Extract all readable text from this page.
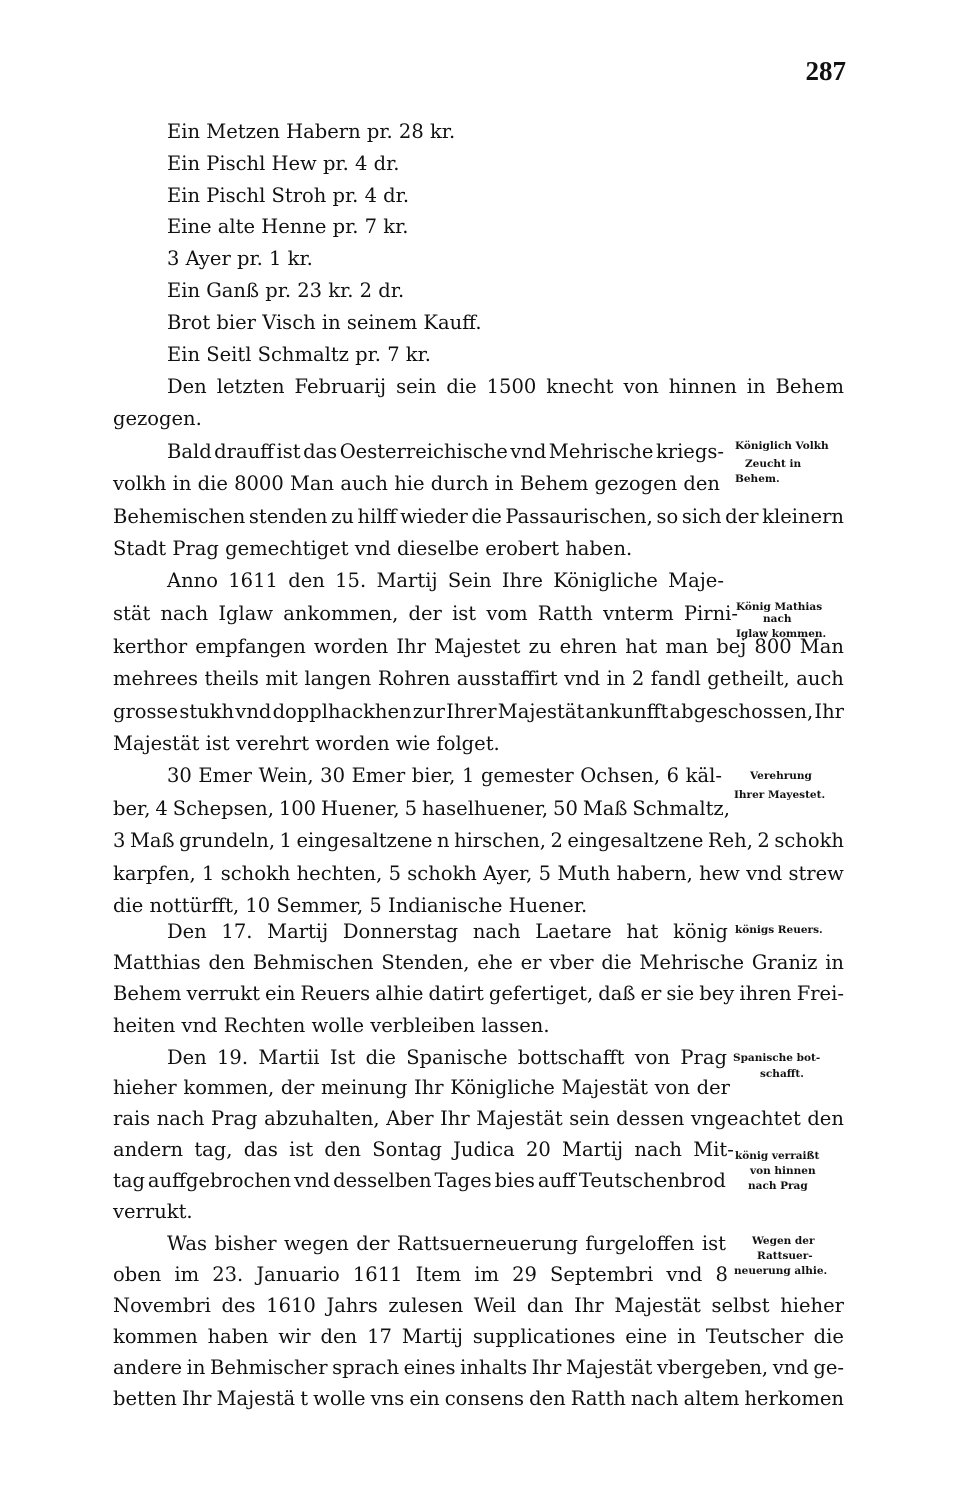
287
Ein Metzen Habern pr. 28 kr.
Ein Pischl Hew pr. 4 dr.
Ein Pischl Stroh pr. 4 dr.
Eine alte Henne pr. 7 kr.
3 Ayer pr. 1 kr.
Ein Ganß pr. 23 kr. 2 dr.
Brot bier Visch in seinem Kauff.
Ein Seitl Schmaltz pr. 7 kr.
Den letzten Februarij sein die 1500 knecht von hinnen in Behem
gezogen.
Bald drauff ist das Oesterreichische vnd Mehrische kriegs-
volkh in die 8000 Man auch hie durch in Behem gezogen den
Behemischen stenden zu hilff wieder die Passaurischen, so sich der kleinern
Stadt Prag gemechtiget vnd dieselbe erobert haben.
Anno 1611 den 15. Martij Sein Ihre Königliche Maje-
stät nach Iglaw ankommen, der ist vom Ratth vnterm Pirni-
kerthor empfangen worden Ihr Majestet zu ehren hat man bej 800 Man
mehrees theils mit langen Rohren ausstaffirt vnd in 2 fandl getheilt, auch
grosse stukh vnd dopplhackhen zur Ihrer Majestät ankunfft abgeschossen, Ihr
Majestät ist verehrt worden wie folget.
30 Emer Wein, 30 Emer bier, 1 gemester Ochsen, 6 käl-
ber, 4 Schepsen, 100 Huener, 5 haselhuener, 50 Maß Schmaltz,
3 Maß grundeln, 1 eingesaltzene n hirschen, 2 eingesaltzene Reh, 2 schokh
karpfen, 1 schokh hechten, 5 schokh Ayer, 5 Muth habern, hew vnd strew
die nottürfft, 10 Semmer, 5 Indianische Huener.
Den 17. Martij Donnerstag nach Laetare hat könig
Matthias den Behmischen Stenden, ehe er vber die Mehrische Graniz in
Behem verrukt ein Reuers alhie datirt gefertiget, daß er sie bey ihren Frei-
heiten vnd Rechten wolle verbleiben lassen.
Den 19. Martii Ist die Spanische bottschafft von Prag
hieher kommen, der meinung Ihr Königliche Majestät von der
rais nach Prag abzuhalten, Aber Ihr Majestät sein dessen vngeachtet den
andern tag, das ist den Sontag Judica 20 Martij nach Mit-
tag auffgebrochen vnd desselben Tages bies auff Teutschenbrod
verrukt.
Was bisher wegen der Rattsuerneuerung furgeloffen ist
oben im 23. Januario 1611 Item im 29 Septembri vnd 8
Novembri des 1610 Jahrs zulesen Weil dan Ihr Majestät selbst hieher
kommen haben wir den 17 Martij supplicationes eine in Teutscher die
andere in Behmischer sprach eines inhalts Ihr Majestät vbergeben, vnd ge-
betten Ihr Majestä t wolle vns ein consens den Ratth nach altem herkomen
Königlich Volkh
Zeucht in
Behem.
König Mathias
nach
Iglaw kommen.
Verehrung
Ihrer Mayestet.
königs Reuers.
Spanische bot-
schafft.
könig verraißt
von hinnen
nach Prag
Wegen der
Rattsuer-
neuerung alhie.
